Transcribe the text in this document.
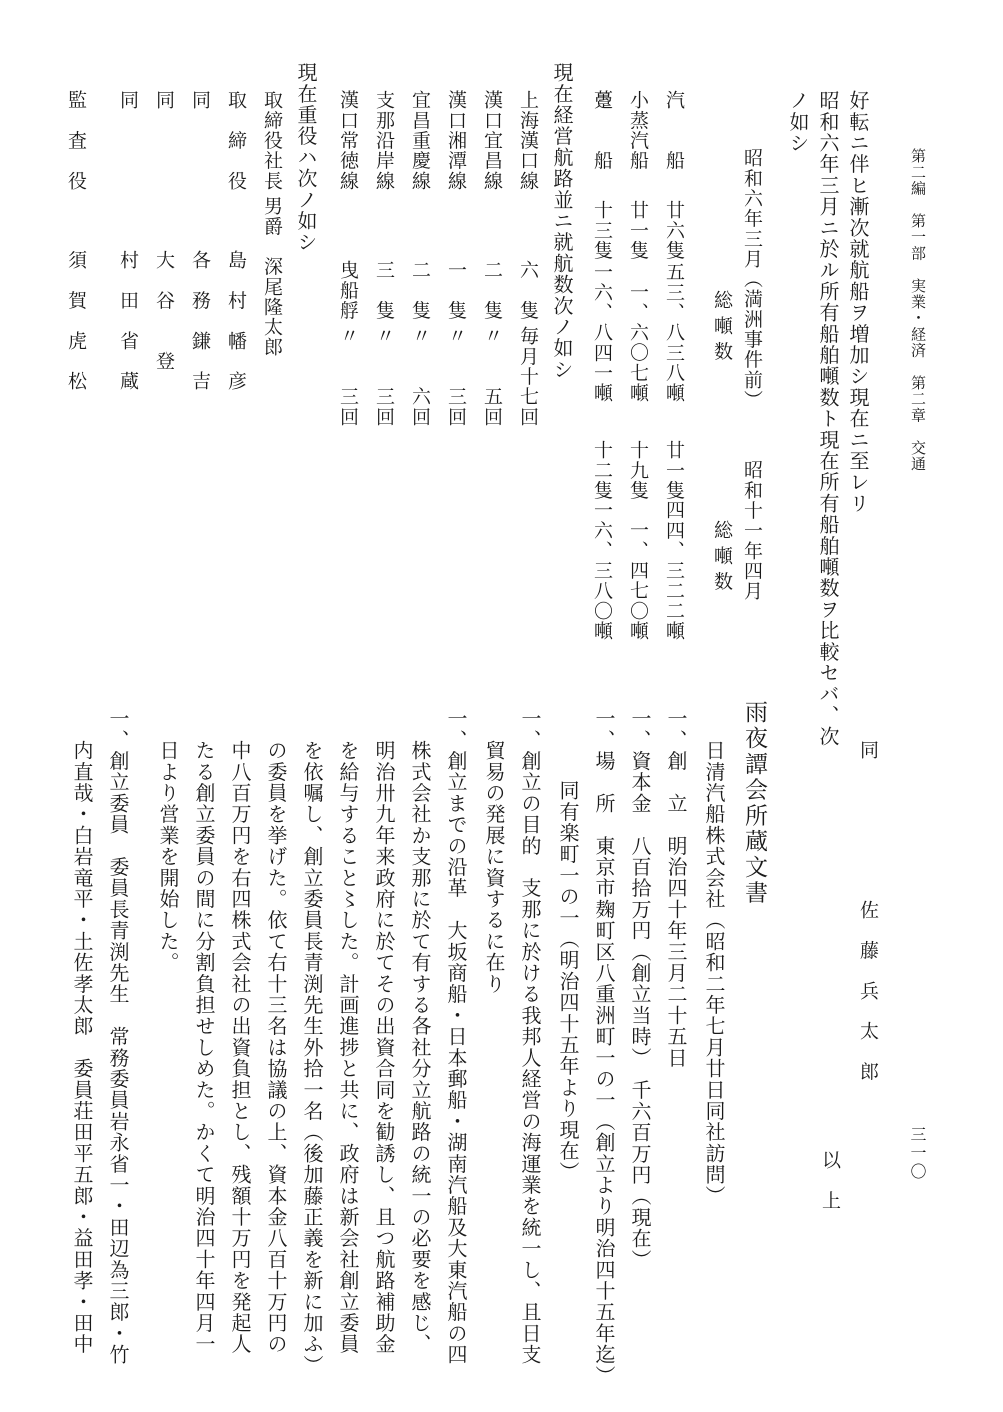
第二編　第一部　実業・経済　第二章　交通
三一〇
好転ニ伴ヒ漸次就航船ヲ増加シ現在ニ至レリ
昭和六年三月ニ於ル所有船舶噸数ト現在所有船舶噸数ヲ比較セバ、次
ノ如シ
昭和六年三月（満洲事件前）
総噸数
昭和十一年四月
総噸数
汽　　船
廿六隻
五三、八三八噸
廿一隻
四四、三二二噸
小蒸汽船
廿一隻
一、六〇七噸
十九隻
一、四七〇噸
躉　　船
十三隻
一六、八四一噸
十二隻
一六、三八〇噸
現在経営航路並ニ就航数次ノ如シ
上海漢口線
六　隻
毎月十七回
漢口宜昌線
二　隻
〃　　五回
漢口湘潭線
一　隻
〃　　三回
宜昌重慶線
二　隻
〃　　六回
支那沿岸線
三　隻
〃　　三回
漢口常徳線
曳船艀
〃　　三回
現在重役ハ次ノ如シ
取締役社長
男爵　深尾隆太郎
取　締　役
島　村　幡　彦
同
各　務　鎌　吉
同
大　谷　　登
同
村　田　省　蔵
監　査　役
須　賀　虎　松
同
佐　藤　兵　太　郎
以　上
雨夜譚会所蔵文書
日清汽船株式会社（昭和二年七月廿日同社訪問）
一、創　立　明治四十年三月二十五日
一、資本金　八百拾万円（創立当時）　千六百万円（現在）
一、場　所　東京市麹町区八重洲町一の一（創立より明治四十五年迄）
同有楽町一の一（明治四十五年より現在）
一、創立の目的　支那に於ける我邦人経営の海運業を統一し、且日支
貿易の発展に資するに在り
一、創立までの沿革　大坂商船・日本郵船・湖南汽船及大東汽船の四
株式会社か支那に於て有する各社分立航路の統一の必要を感じ、
明治卅九年来政府に於てその出資合同を勧誘し、且つ航路補助金
を給与すること〻した。計画進捗と共に、政府は新会社創立委員
を依嘱し、創立委員長青渕先生外拾一名（後加藤正義を新に加ふ）
の委員を挙げた。依て右十三名は協議の上、資本金八百十万円の
中八百万円を右四株式会社の出資負担とし、残額十万円を発起人
たる創立委員の間に分割負担せしめた。かくて明治四十年四月一
日より営業を開始した。
一、創立委員　委員長青渕先生　常務委員岩永省一・田辺為三郎・竹
内直哉・白岩竜平・土佐孝太郎　委員荘田平五郎・益田孝・田中
